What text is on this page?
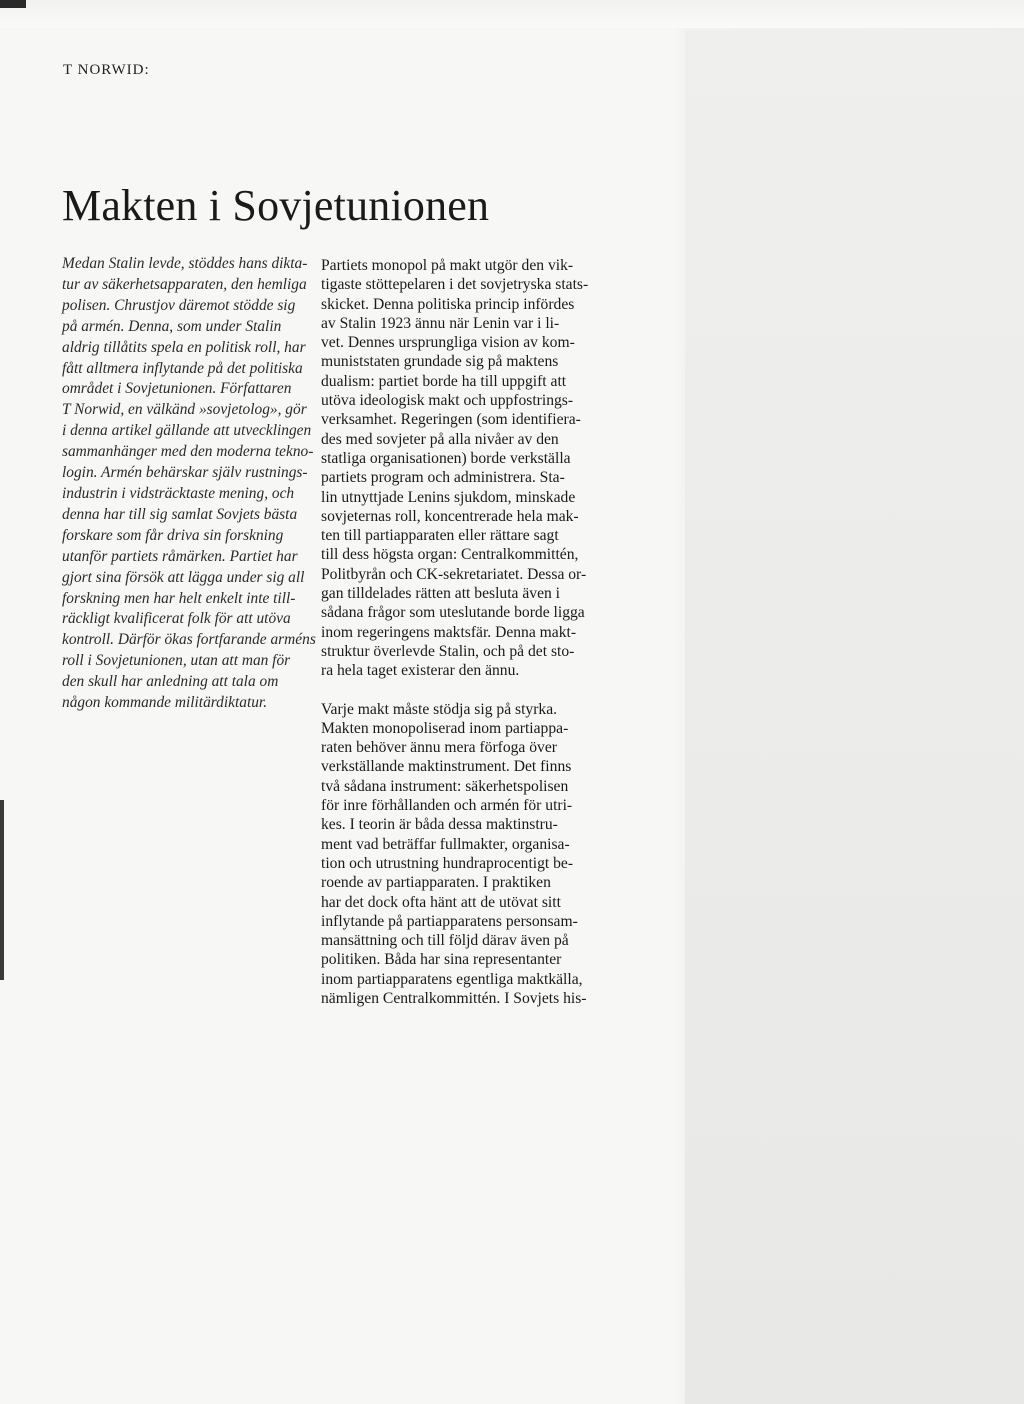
T NORWID:
Makten i Sovjetunionen
Medan Stalin levde, stöddes hans dikta-
tur av säkerhetsapparaten, den hemliga
polisen. Chrustjov däremot stödde sig
på armén. Denna, som under Stalin
aldrig tillåtits spela en politisk roll, har
fått alltmera inflytande på det politiska
området i Sovjetunionen. Författaren
T Norwid, en välkänd »sovjetolog», gör
i denna artikel gällande att utvecklingen
sammanhänger med den moderna tekno-
login. Armén behärskar själv rustnings-
industrin i vidsträcktaste mening, och
denna har till sig samlat Sovjets bästa
forskare som får driva sin forskning
utanför partiets råmärken. Partiet har
gjort sina försök att lägga under sig all
forskning men har helt enkelt inte till-
räckligt kvalificerat folk för att utöva
kontroll. Därför ökas fortfarande arméns
roll i Sovjetunionen, utan att man för
den skull har anledning att tala om
någon kommande militärdiktatur.
Partiets monopol på makt utgör den vik-
tigaste stöttepelaren i det sovjetryska stats-
skicket. Denna politiska princip infördes
av Stalin 1923 ännu när Lenin var i li-
vet. Dennes ursprungliga vision av kom-
muniststaten grundade sig på maktens
dualism: partiet borde ha till uppgift att
utöva ideologisk makt och uppfostrings-
verksamhet. Regeringen (som identifiera-
des med sovjeter på alla nivåer av den
statliga organisationen) borde verkställa
partiets program och administrera. Sta-
lin utnyttjade Lenins sjukdom, minskade
sovjeternas roll, koncentrerade hela mak-
ten till partiapparaten eller rättare sagt
till dess högsta organ: Centralkommittén,
Politbyrån och CK-sekretariatet. Dessa or-
gan tilldelades rätten att besluta även i
sådana frågor som uteslutande borde ligga
inom regeringens maktsfär. Denna makt-
struktur överlevde Stalin, och på det sto-
ra hela taget existerar den ännu.
Varje makt måste stödja sig på styrka.
Makten monopoliserad inom partiappa-
raten behöver ännu mera förfoga över
verkställande maktinstrument. Det finns
två sådana instrument: säkerhetspolisen
för inre förhållanden och armén för utri-
kes. I teorin är båda dessa maktinstru-
ment vad beträffar fullmakter, organisa-
tion och utrustning hundraprocentigt be-
roende av partiapparaten. I praktiken
har det dock ofta hänt att de utövat sitt
inflytande på partiapparatens personsam-
mansättning och till följd därav även på
politiken. Båda har sina representanter
inom partiapparatens egentliga maktkälla,
nämligen Centralkommittén. I Sovjets his-
